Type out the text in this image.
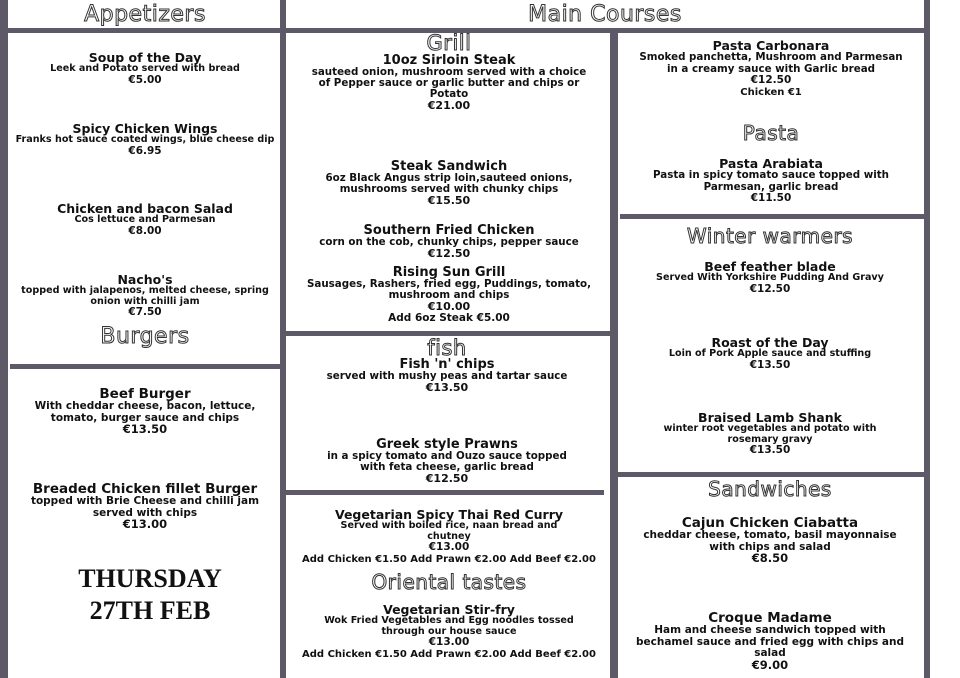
Appetizers
Soup of the Day
Leek and Potato served with bread
€5.00
Spicy Chicken Wings
Franks hot sauce coated wings, blue cheese dip
€6.95
Chicken and bacon Salad
Cos lettuce and Parmesan
€8.00
Nacho's
topped with jalapenos, melted cheese, spring onion with chilli jam
€7.50
Burgers
Beef Burger
With cheddar cheese, bacon, lettuce, tomato, burger sauce and chips
€13.50
Breaded Chicken fillet Burger
topped with Brie Cheese and chilli jam served with chips
€13.00
THURSDAY
27TH FEB
Main Courses
Grill
10oz Sirloin Steak
sauteed onion, mushroom served with a choice of Pepper sauce or garlic butter and chips or Potato
€21.00
Steak Sandwich
6oz Black Angus strip loin,sauteed onions, mushrooms served with chunky chips
€15.50
Southern Fried Chicken
corn on the cob, chunky chips, pepper sauce
€12.50
Rising Sun Grill
Sausages, Rashers, fried egg, Puddings, tomato, mushroom and chips
€10.00
Add 6oz Steak €5.00
fish
Fish 'n' chips
served with mushy peas and tartar sauce
€13.50
Greek style Prawns
in a spicy tomato and Ouzo sauce topped with feta cheese, garlic bread
€12.50
Vegetarian Spicy Thai Red Curry
Served with boiled rice, naan bread and chutney
€13.00
Add Chicken €1.50 Add Prawn €2.00 Add Beef €2.00
Oriental tastes
Vegetarian Stir-fry
Wok Fried Vegetables and Egg noodles tossed through our house sauce
€13.00
Add Chicken €1.50 Add Prawn €2.00 Add Beef €2.00
Pasta Carbonara
Smoked panchetta, Mushroom and Parmesan in a creamy sauce with Garlic bread
€12.50
Chicken €1
Pasta
Pasta Arabiata
Pasta in spicy tomato sauce topped with Parmesan, garlic bread
€11.50
Winter warmers
Beef feather blade
Served With Yorkshire Pudding And Gravy
€12.50
Roast of the Day
Loin of Pork Apple sauce and stuffing
€13.50
Braised Lamb Shank
winter root vegetables and potato with rosemary gravy
€13.50
Sandwiches
Cajun Chicken Ciabatta
cheddar cheese, tomato, basil mayonnaise with chips and salad
€8.50
Croque Madame
Ham and cheese sandwich topped with bechamel sauce and fried egg with chips and salad
€9.00
